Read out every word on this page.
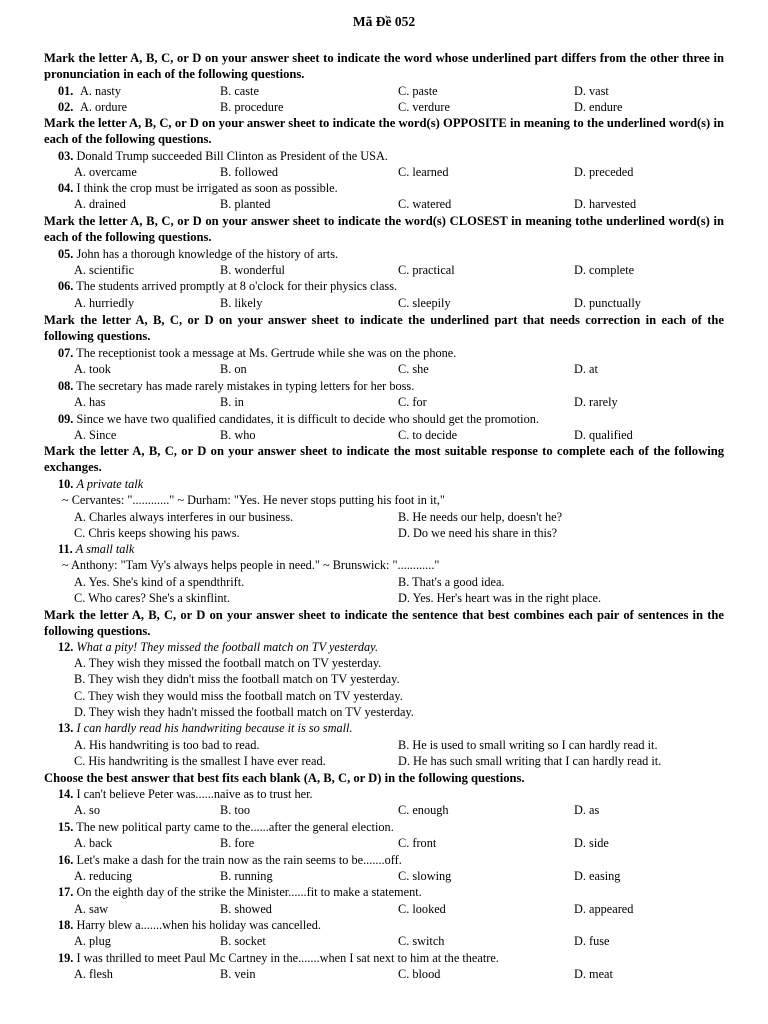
Mã Đề 052
Mark the letter A, B, C, or D on your answer sheet to indicate the word whose underlined part differs from the other three in pronunciation in each of the following questions.
01. A. nasty	B. caste	C. paste	D. vast
02. A. ordure	B. procedure	C. verdure	D. endure
Mark the letter A, B, C, or D on your answer sheet to indicate the word(s) OPPOSITE in meaning to the underlined word(s) in each of the following questions.
03. Donald Trump succeeded Bill Clinton as President of the USA.
A. overcame	B. followed	C. learned	D. preceded
04. I think the crop must be irrigated as soon as possible.
A. drained	B. planted	C. watered	D. harvested
Mark the letter A, B, C, or D on your answer sheet to indicate the word(s) CLOSEST in meaning tothe underlined word(s) in each of the following questions.
05. John has a thorough knowledge of the history of arts.
A. scientific	B. wonderful	C. practical	D. complete
06. The students arrived promptly at 8 o'clock for their physics class.
A. hurriedly	B. likely	C. sleepily	D. punctually
Mark the letter A, B, C, or D on your answer sheet to indicate the underlined part that needs correction in each of the following questions.
07. The receptionist took a message at Ms. Gertrude while she was on the phone.
A. took	B. on	C. she	D. at
08. The secretary has made rarely mistakes in typing letters for her boss.
A. has	B. in	C. for	D. rarely
09. Since we have two qualified candidates, it is difficult to decide who should get the promotion.
A. Since	B. who	C. to decide	D. qualified
Mark the letter A, B, C, or D on your answer sheet to indicate the most suitable response to complete each of the following exchanges.
10. A private talk
~ Cervantes: "............" ~ Durham: "Yes. He never stops putting his foot in it,"
A. Charles always interferes in our business.	B. He needs our help, doesn't he?
C. Chris keeps showing his paws.	D. Do we need his share in this?
11. A small talk
~ Anthony: "Tam Vy's always helps people in need." ~ Brunswick: "............"
A. Yes. She's kind of a spendthrift.	B. That's a good idea.
C. Who cares? She's a skinflint.	D. Yes. Her's heart was in the right place.
Mark the letter A, B, C, or D on your answer sheet to indicate the sentence that best combines each pair of sentences in the following questions.
12. What a pity! They missed the football match on TV yesterday.
A. They wish they missed the football match on TV yesterday.
B. They wish they didn't miss the football match on TV yesterday.
C. They wish they would miss the football match on TV yesterday.
D. They wish they hadn't missed the football match on TV yesterday.
13. I can hardly read his handwriting because it is so small.
A. His handwriting is too bad to read.	B. He is used to small writing so I can hardly read it.
C. His handwriting is the smallest I have ever read.	D. He has such small writing that I can hardly read it.
Choose the best answer that best fits each blank (A, B, C, or D) in the following questions.
14. I can't believe Peter was......naive as to trust her.
A. so	B. too	C. enough	D. as
15. The new political party came to the......after the general election.
A. back	B. fore	C. front	D. side
16. Let's make a dash for the train now as the rain seems to be.......off.
A. reducing	B. running	C. slowing	D. easing
17. On the eighth day of the strike the Minister......fit to make a statement.
A. saw	B. showed	C. looked	D. appeared
18. Harry blew a.......when his holiday was cancelled.
A. plug	B. socket	C. switch	D. fuse
19. I was thrilled to meet Paul Mc Cartney in the.......when I sat next to him at the theatre.
A. flesh	B. vein	C. blood	D. meat
